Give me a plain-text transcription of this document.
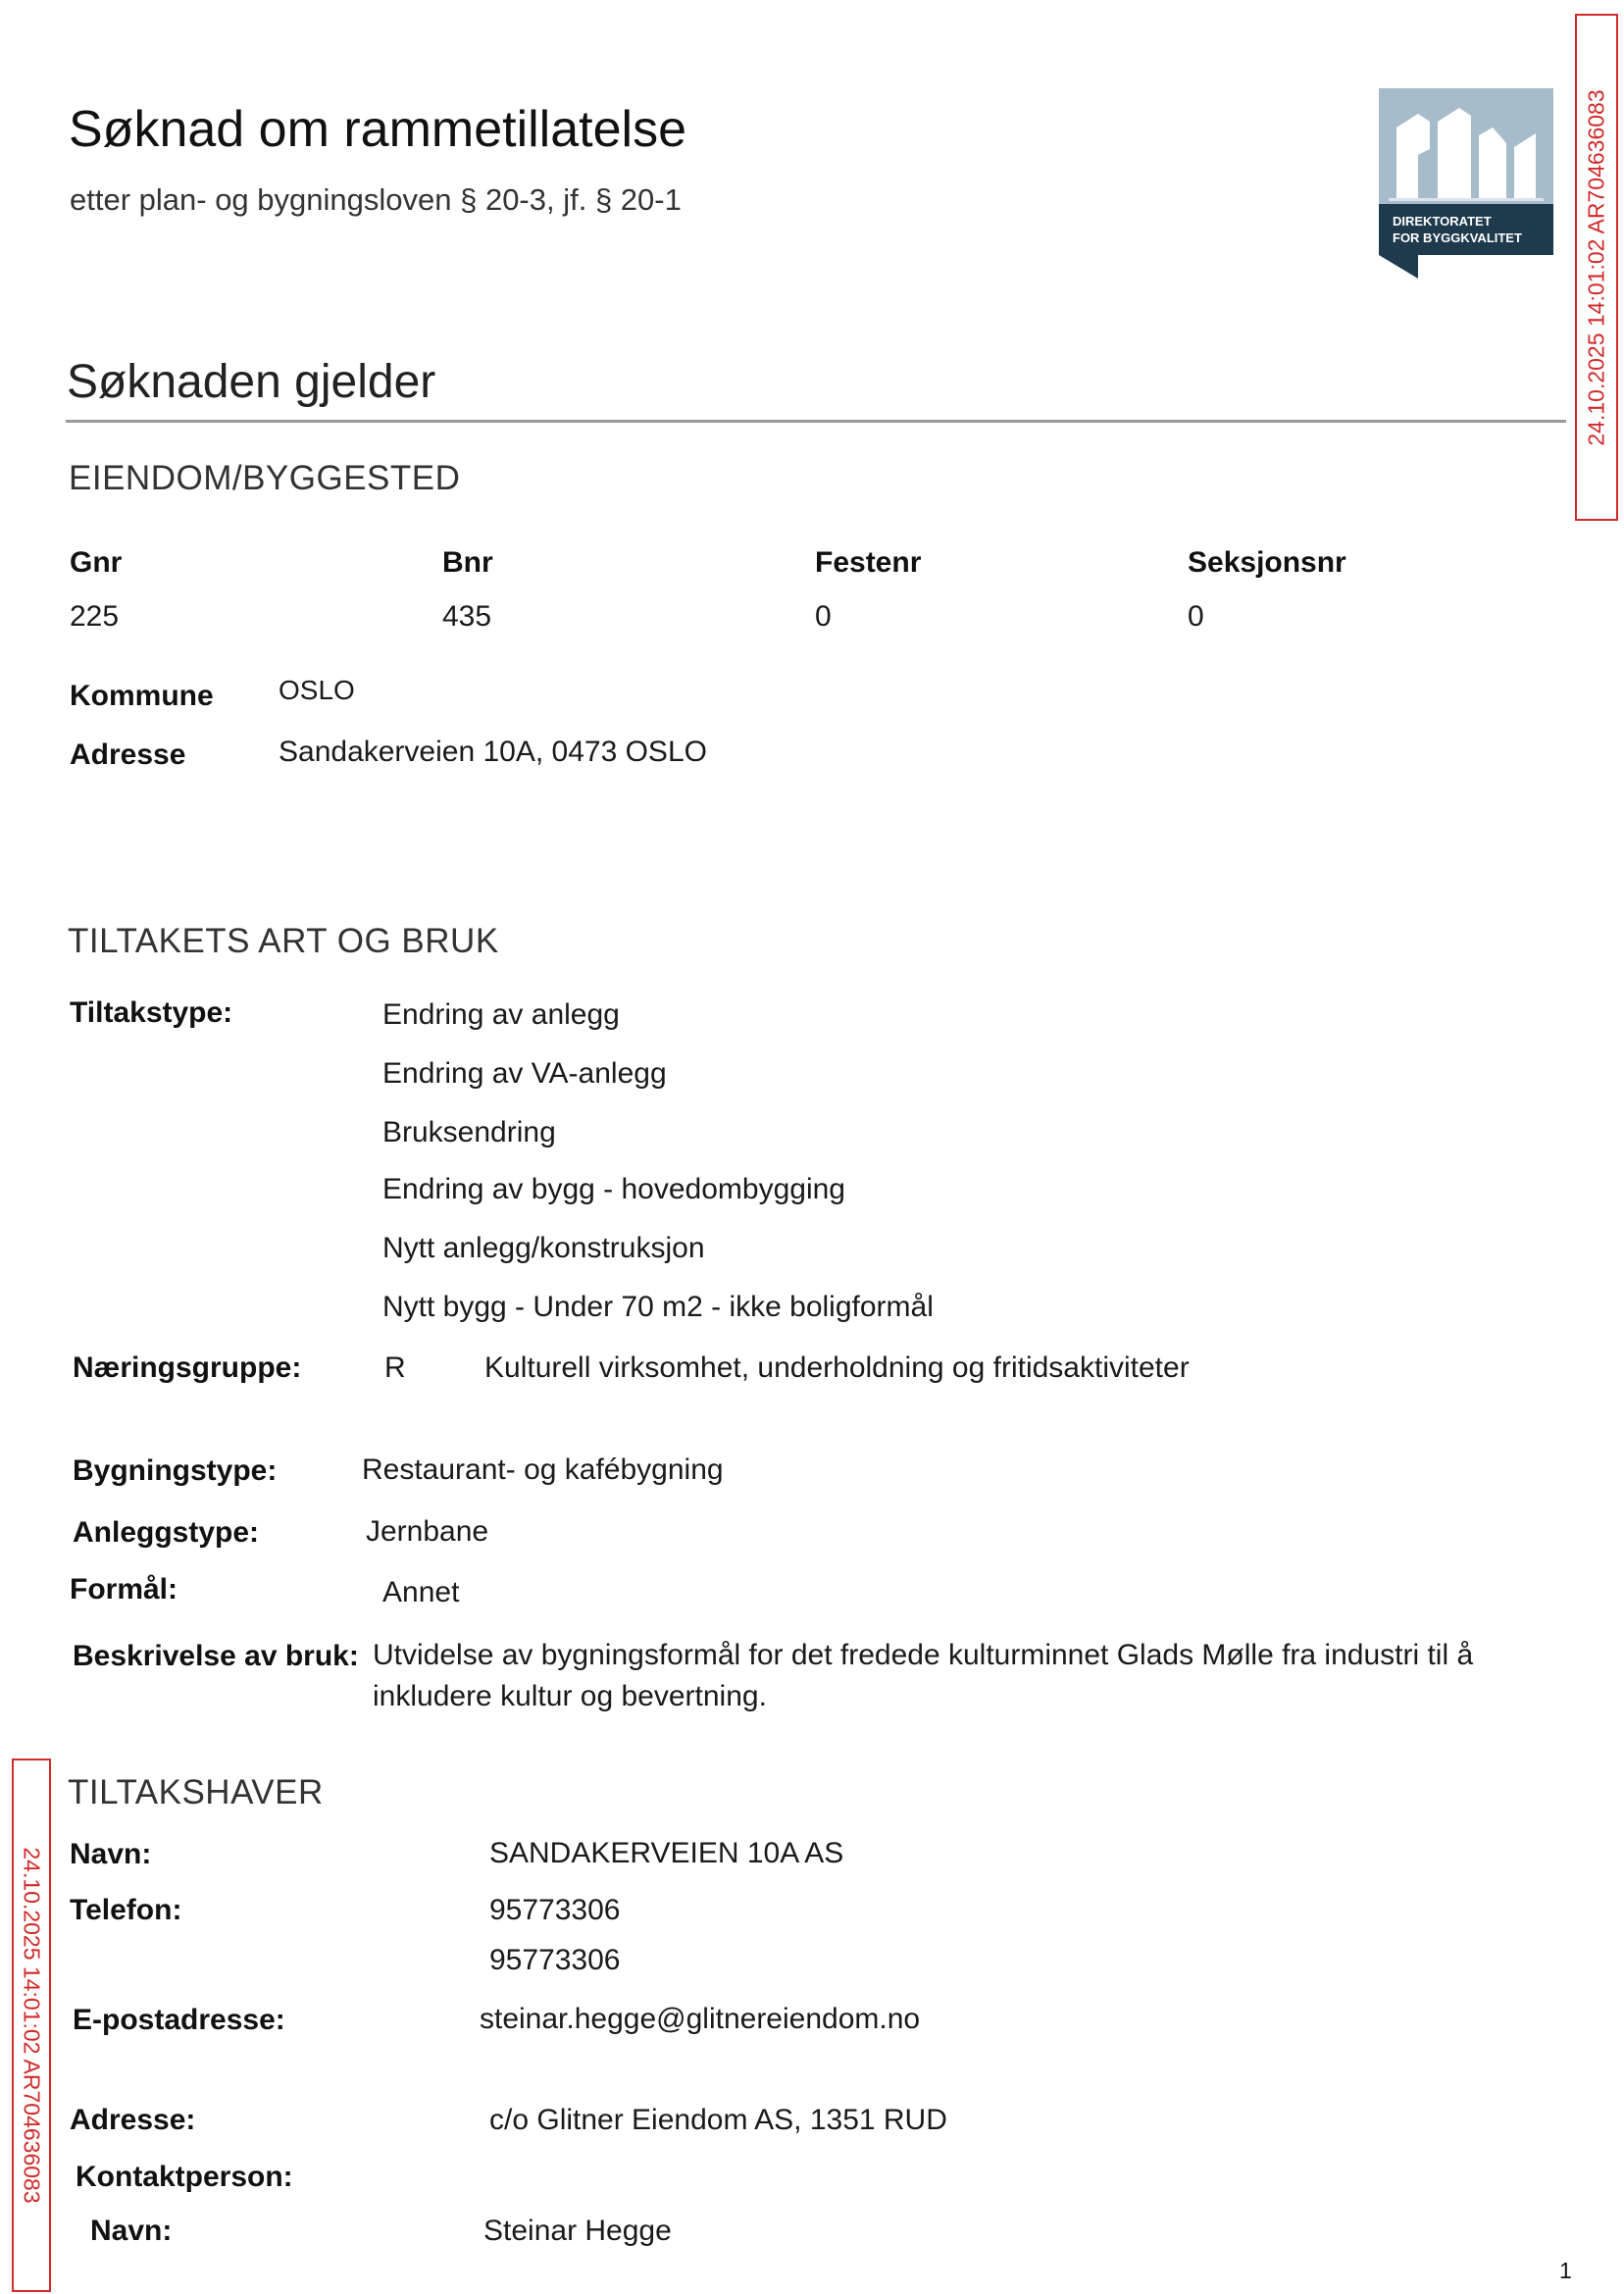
Søknad om rammetillatelse
etter plan- og bygningsloven § 20-3, jf. § 20-1
DIREKTORATET
FOR BYGGKVALITET	24.10.2025 14:01:02 AR704636083
24.10.2025 14:01:02 AR704636083
Søknaden gjelder
EIENDOM/BYGGESTED
Gnr	Bnr	Festenr	Seksjonsnr
225	435	0	0
Kommune OSLO
Adresse	Sandakerveien 10A, 0473 OSLO
TILTAKETS ART OG BRUK
Tiltakstype:	Endring av anlegg
Endring av VA-anlegg
Bruksendring
Endring av bygg - hovedombygging
Nytt anlegg/konstruksjon
Nytt bygg - Under 70 m2 - ikke boligformål
Næringsgruppe:	R	Kulturell virksomhet, underholdning og fritidsaktiviteter
Bygningstype:	Restaurant- og kafébygning
Anleggstype:	Jernbane
Formål:	Annet
Beskrivelse av bruk: Utvidelse av bygningsformål for det fredede kulturminnet Glads Mølle fra industri til å
inkludere kultur og bevertning.
TILTAKSHAVER
Navn:	SANDAKERVEIEN 10A AS
Telefon:	95773306
95773306
E-postadresse:	steinar.hegge@glitnereiendom.no
Adresse:	c/o Glitner Eiendom AS, 1351 RUD
Kontaktperson:
Navn:	Steinar Hegge
1
